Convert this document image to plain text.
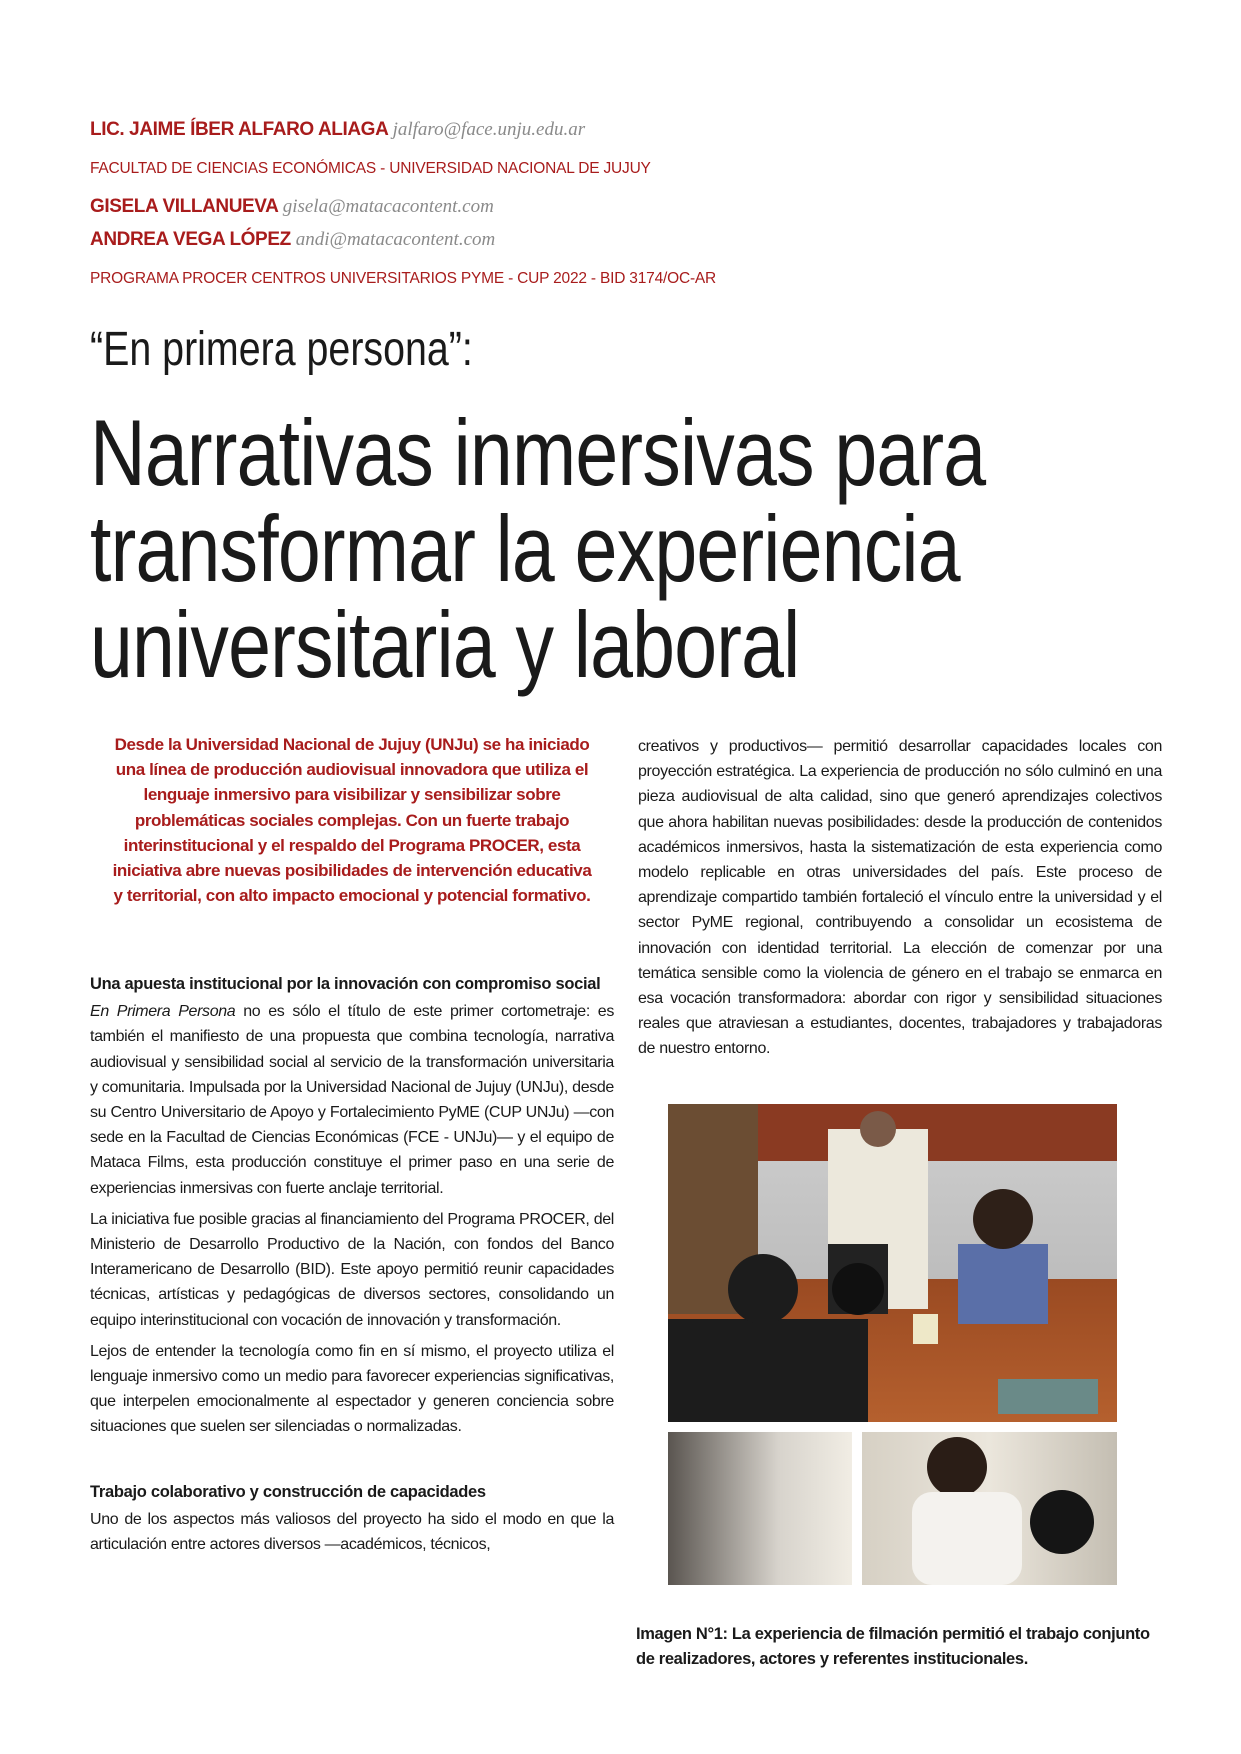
LIC. JAIME ÍBER ALFARO ALIAGA jalfaro@face.unju.edu.ar
FACULTAD DE CIENCIAS ECONÓMICAS - UNIVERSIDAD NACIONAL DE JUJUY
GISELA VILLANUEVA gisela@matacacontent.com
ANDREA VEGA LÓPEZ andi@matacacontent.com
PROGRAMA PROCER CENTROS UNIVERSITARIOS PYME - CUP 2022 - BID 3174/OC-AR
“En primera persona”:
Narrativas inmersivas para
transformar la experiencia
universitaria y laboral
Desde la Universidad Nacional de Jujuy (UNJu) se ha iniciado una línea de producción audiovisual innovadora que utiliza el lenguaje inmersivo para visibilizar y sensibilizar sobre problemáticas sociales complejas. Con un fuerte trabajo interinstitucional y el respaldo del Programa PROCER, esta iniciativa abre nuevas posibilidades de intervención educativa y territorial, con alto impacto emocional y potencial formativo.
Una apuesta institucional por la innovación con compromiso social

En Primera Persona no es sólo el título de este primer cortometraje: es también el manifiesto de una propuesta que combina tecnología, narrativa audiovisual y sensibilidad social al servicio de la transformación universitaria y comunitaria. Impulsada por la Universidad Nacional de Jujuy (UNJu), desde su Centro Universitario de Apoyo y Fortalecimiento PyME (CUP UNJu) —con sede en la Facultad de Ciencias Económicas (FCE - UNJu)— y el equipo de Mataca Films, esta producción constituye el primer paso en una serie de experiencias inmersivas con fuerte anclaje territorial.

La iniciativa fue posible gracias al financiamiento del Programa PROCER, del Ministerio de Desarrollo Productivo de la Nación, con fondos del Banco Interamericano de Desarrollo (BID). Este apoyo permitió reunir capacidades técnicas, artísticas y pedagógicas de diversos sectores, consolidando un equipo interinstitucional con vocación de innovación y transformación.

Lejos de entender la tecnología como fin en sí mismo, el proyecto utiliza el lenguaje inmersivo como un medio para favorecer experiencias significativas, que interpelen emocionalmente al espectador y generen conciencia sobre situaciones que suelen ser silenciadas o normalizadas.

Trabajo colaborativo y construcción de capacidades

Uno de los aspectos más valiosos del proyecto ha sido el modo en que la articulación entre actores diversos —académicos, técnicos,

creativos y productivos— permitió desarrollar capacidades locales con proyección estratégica. La experiencia de producción no sólo culminó en una pieza audiovisual de alta calidad, sino que generó aprendizajes colectivos que ahora habilitan nuevas posibilidades: desde la producción de contenidos académicos inmersivos, hasta la sistematización de esta experiencia como modelo replicable en otras universidades del país. Este proceso de aprendizaje compartido también fortaleció el vínculo entre la universidad y el sector PyME regional, contribuyendo a consolidar un ecosistema de innovación con identidad territorial. La elección de comenzar por una temática sensible como la violencia de género en el trabajo se enmarca en esa vocación transformadora: abordar con rigor y sensibilidad situaciones reales que atraviesan a estudiantes, docentes, trabajadores y trabajadoras de nuestro entorno.

Imagen N°1: La experiencia de filmación permitió el trabajo conjunto de realizadores, actores y referentes institucionales.
